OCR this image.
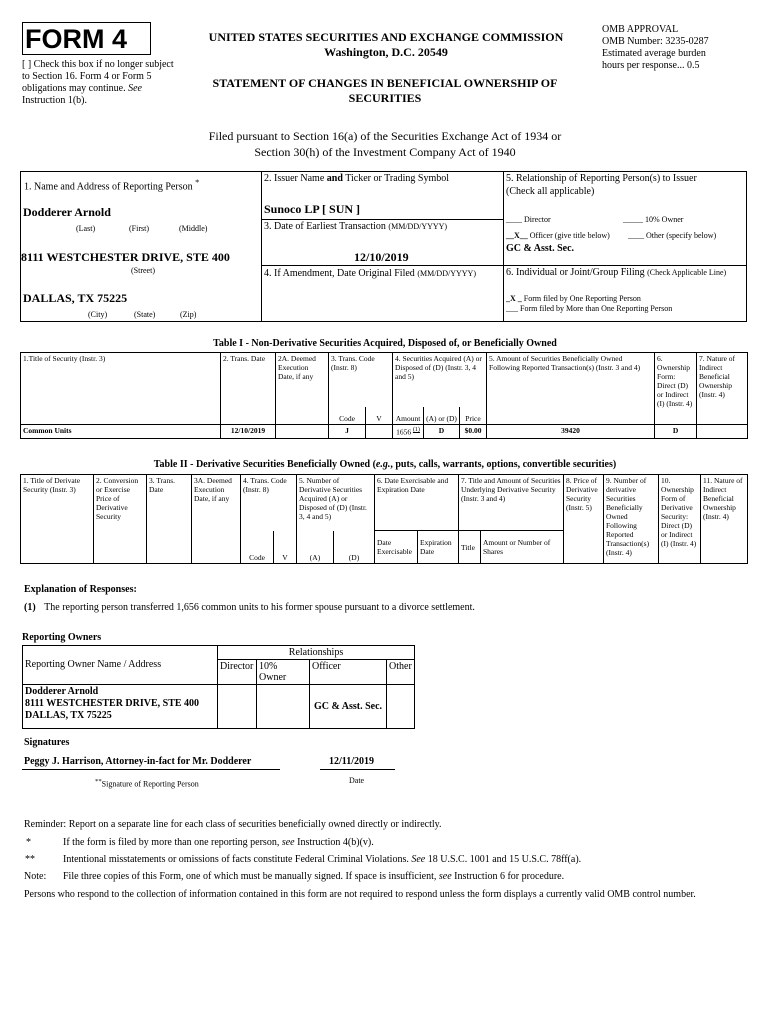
FORM 4
[ ] Check this box if no longer subject to Section 16. Form 4 or Form 5 obligations may continue. See Instruction 1(b).
UNITED STATES SECURITIES AND EXCHANGE COMMISSION
Washington, D.C. 20549
STATEMENT OF CHANGES IN BENEFICIAL OWNERSHIP OF SECURITIES
OMB APPROVAL
OMB Number: 3235-0287
Estimated average burden
hours per response... 0.5
Filed pursuant to Section 16(a) of the Securities Exchange Act of 1934 or
Section 30(h) of the Investment Company Act of 1940
1. Name and Address of Reporting Person *
Dodderer Arnold
(Last)	(First)	(Middle)
8111 WESTCHESTER DRIVE, STE 400
(Street)
DALLAS, TX 75225
(City)	(State)	(Zip)
2. Issuer Name and Ticker or Trading Symbol
Sunoco LP [ SUN ]
3. Date of Earliest Transaction (MM/DD/YYYY)
12/10/2019
4. If Amendment, Date Original Filed (MM/DD/YYYY)
5. Relationship of Reporting Person(s) to Issuer
(Check all applicable)
____ Director	_____ 10% Owner
__X__ Officer (give title below) ____ Other (specify below)
GC & Asst. Sec.
6. Individual or Joint/Group Filing (Check Applicable Line)
_X _ Form filed by One Reporting Person
___ Form filed by More than One Reporting Person
Table I - Non-Derivative Securities Acquired, Disposed of, or Beneficially Owned
1.Title of Security (Instr. 3)	2. Trans. Date	2A. Deemed Execution Date, if any	3. Trans. Code (Instr. 8)		4. Securities Acquired (A) or Disposed of (D) (Instr. 3, 4 and 5)			5. Amount of Securities Beneficially Owned Following Reported Transaction(s) (Instr. 3 and 4)	6. Ownership Form: Direct (D) or Indirect (I) (Instr. 4)	7. Nature of Indirect Beneficial Ownership (Instr. 4)
			Code	V	Amount	(A) or (D)	Price			
Common Units	12/10/2019		J		1656 $^{(1)}$	D	$0.00	39420	D	
Table II - Derivative Securities Beneficially Owned (e.g., puts, calls, warrants, options, convertible securities)
1. Title of Derivate Security (Instr. 3)	2. Conversion or Exercise Price of Derivative Security	3. Trans. Date	3A. Deemed Execution Date, if any	4. Trans. Code (Instr. 8)		5. Number of Derivative Securities Acquired (A) or Disposed of (D) (Instr. 3, 4 and 5)		6. Date Exercisable and Expiration Date		7. Title and Amount of Securities Underlying Derivative Security (Instr. 3 and 4)		8. Price of Derivative Security (Instr. 5)	9. Number of derivative Securities Beneficially Owned Following Reported Transaction(s) (Instr. 4)	10. Ownership Form of Derivative Security: Direct (D) or Indirect (I) (Instr. 4)	11. Nature of Indirect Beneficial Ownership (Instr. 4)
				Code	V	(A)	(D)	Date Exercisable	Expiration Date	Title	Amount or Number of Shares				
Explanation of Responses:
(1) The reporting person transferred 1,656 common units to his former spouse pursuant to a divorce settlement.
Reporting Owners
Reporting Owner Name / Address	Relationships			
	Director	10% Owner	Officer	Other

Dodderer Arnold
8111 WESTCHESTER DRIVE, STE 400
DALLAS, TX 75225			GC & Asst. Sec.	
Signatures
Peggy J. Harrison, Attorney-in-fact for Mr. Dodderer	12/11/2019
**Signature of Reporting Person	Date
Reminder: Report on a separate line for each class of securities beneficially owned directly or indirectly.
*	If the form is filed by more than one reporting person, see Instruction 4(b)(v).
**	Intentional misstatements or omissions of facts constitute Federal Criminal Violations. See 18 U.S.C. 1001 and 15 U.S.C. 78ff(a).
Note: File three copies of this Form, one of which must be manually signed. If space is insufficient, see Instruction 6 for procedure.
Persons who respond to the collection of information contained in this form are not required to respond unless the form displays a currently valid OMB control number.
